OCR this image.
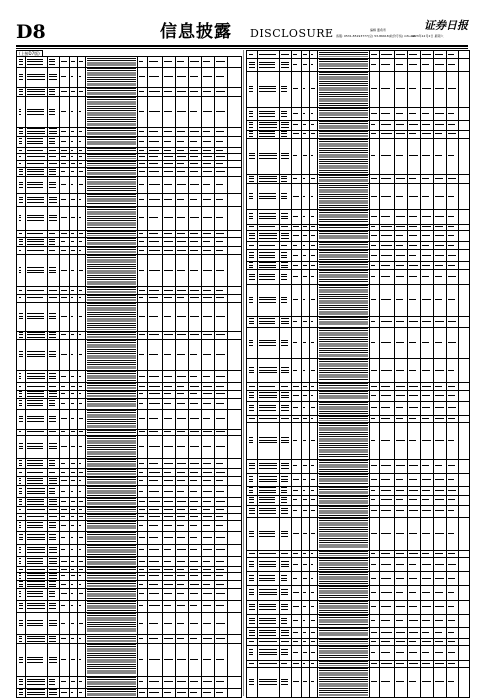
D8	信息披露 DISCLOSURE	编辑 董希奇
客服: 0531-85193777(总) 53-86618(收价专线) info.net
证券日报
2023年12月2日 星期六
(上接D7版)
